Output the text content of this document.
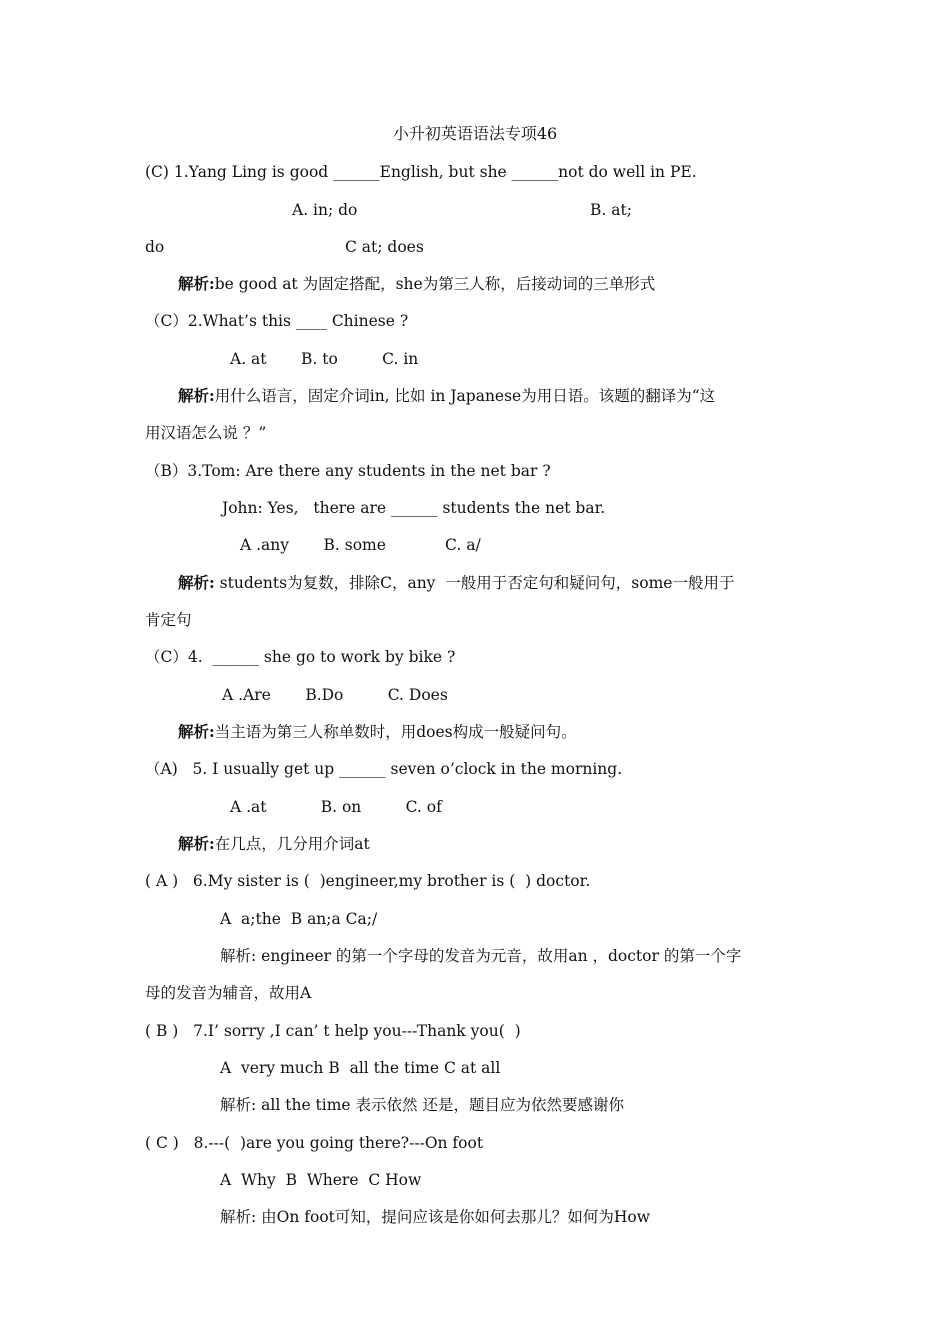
小升初英语语法专项46
(C) 1.Yang Ling is good ______English, but she ______not do well in PE.
A. in; do	B. at;
do	C at; does
解析:be good at 为固定搭配，she为第三人称，后接动词的三单形式
（C）2.What’s this ____ Chinese ?
A. at       B. to         C. in
解析:用什么语言，固定介词in, 比如 in Japanese为用日语。该题的翻译为“这
用汉语怎么说 ？”
（B）3.Tom: Are there any students in the net bar ?
John: Yes,   there are ______ students the net bar.
A .any       B. some            C. a/
解析: students为复数，排除C，any  一般用于否定句和疑问句，some一般用于
肯定句
（C）4.  ______ she go to work by bike ?
A .Are       B.Do         C. Does
解析:当主语为第三人称单数时，用does构成一般疑问句。
（A)   5. I usually get up ______ seven o’clock in the morning.
A .at           B. on         C. of
解析:在几点，几分用介词at
( A )   6.My sister is (  )engineer,my brother is (  ) doctor.
A  a;the  B an;a Ca;/
解析: engineer 的第一个字母的发音为元音，故用an ，doctor 的第一个字
母的发音为辅音，故用A
( B )   7.I’ sorry ,I can’ t help you---Thank you(  )
A  very much B  all the time C at all
解析: all the time 表示依然 还是，题目应为依然要感谢你
( C )   8.---(  )are you going there?---On foot
A  Why  B  Where  C How
解析: 由On foot可知，提问应该是你如何去那儿？如何为How
